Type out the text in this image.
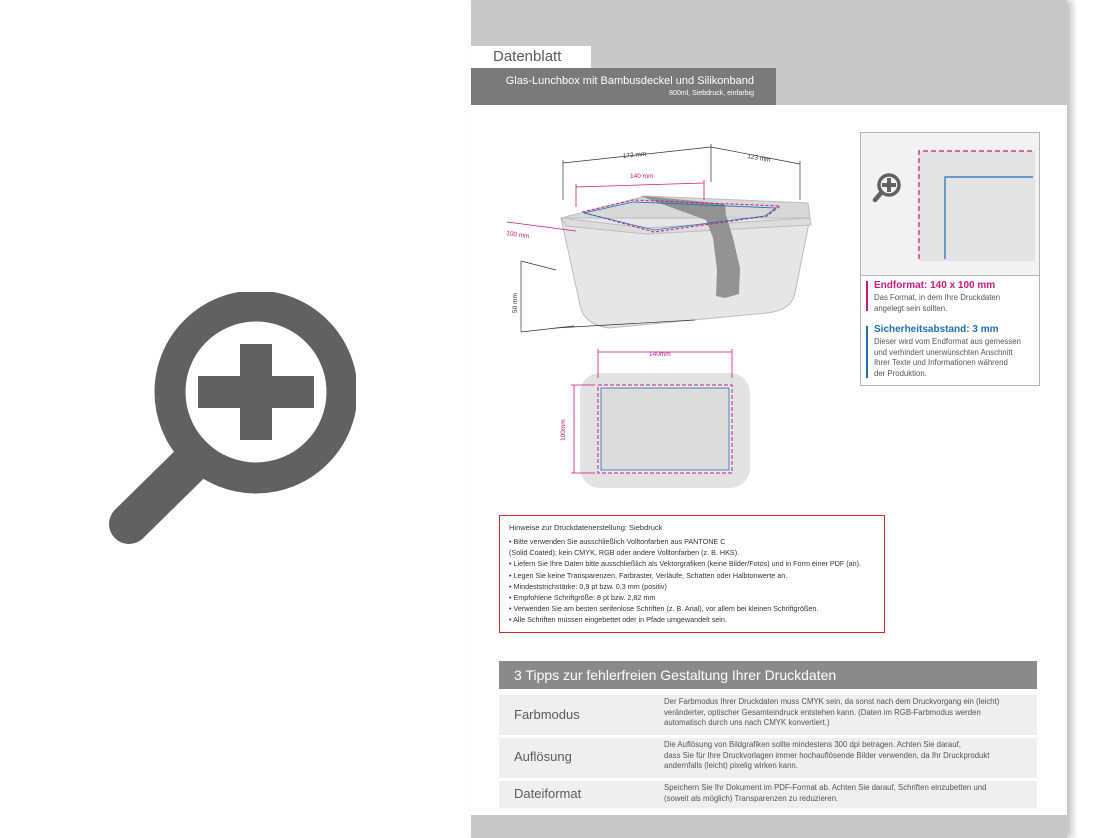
Datenblatt
Glas-Lunchbox mit Bambusdeckel und Silikonband
800ml, Siebdruck, einfarbig
172 mm	123 mm
140 mm
100 mm
50 mm
140mm
100mm
Endformat: 140 x 100 mm
Das Format, in dem Ihre Druckdaten
angelegt sein sollten.
Sicherheitsabstand: 3 mm
Dieser wird vom Endformat aus gemessen
und verhindert unerwünschten Anschnitt
Ihrer Texte und Informationen während
der Produktion.
Hinweise zur Druckdatenerstellung: Siebdruck
• Bitte verwenden Sie ausschließlich Volltonfarben aus PANTONE C
(Solid Coated); kein CMYK, RGB oder andere Volltonfarben (z. B. HKS).
• Liefern Sie Ihre Daten bitte ausschließlich als Vektorgrafiken (keine Bilder/Fotos) und in Form einer PDF (an).
• Legen Sie keine Transparenzen, Farbraster, Verläufe, Schatten oder Halbtonwerte an.
• Mindeststrichstärke: 0,9 pt bzw. 0,3 mm (positiv)
• Empfohlene Schriftgröße: 8 pt bzw. 2,82 mm
• Verwenden Sie am besten serifenlose Schriften (z. B. Arial), vor allem bei kleinen Schriftgrößen.
• Alle Schriften müssen eingebettet oder in Pfade umgewandelt sein.
3 Tipps zur fehlerfreien Gestaltung Ihrer Druckdaten
Farbmodus
Der Farbmodus Ihrer Druckdaten muss CMYK sein, da sonst nach dem Druckvorgang ein (leicht)
veränderter, optischer Gesamteindruck entstehen kann. (Daten im RGB-Farbmodus werden
automatisch durch uns nach CMYK konvertiert.)
Auflösung
Die Auflösung von Bildgrafiken sollte mindestens 300 dpi betragen. Achten Sie darauf,
dass Sie für Ihre Druckvorlagen immer hochauflösende Bilder verwenden, da Ihr Druckprodukt
andernfalls (leicht) pixelig wirken kann.
Dateiformat	Speichern Sie Ihr Dokument im PDF-Format ab. Achten Sie darauf, Schriften einzubetten und
(soweit als möglich) Transparenzen zu reduzieren.
